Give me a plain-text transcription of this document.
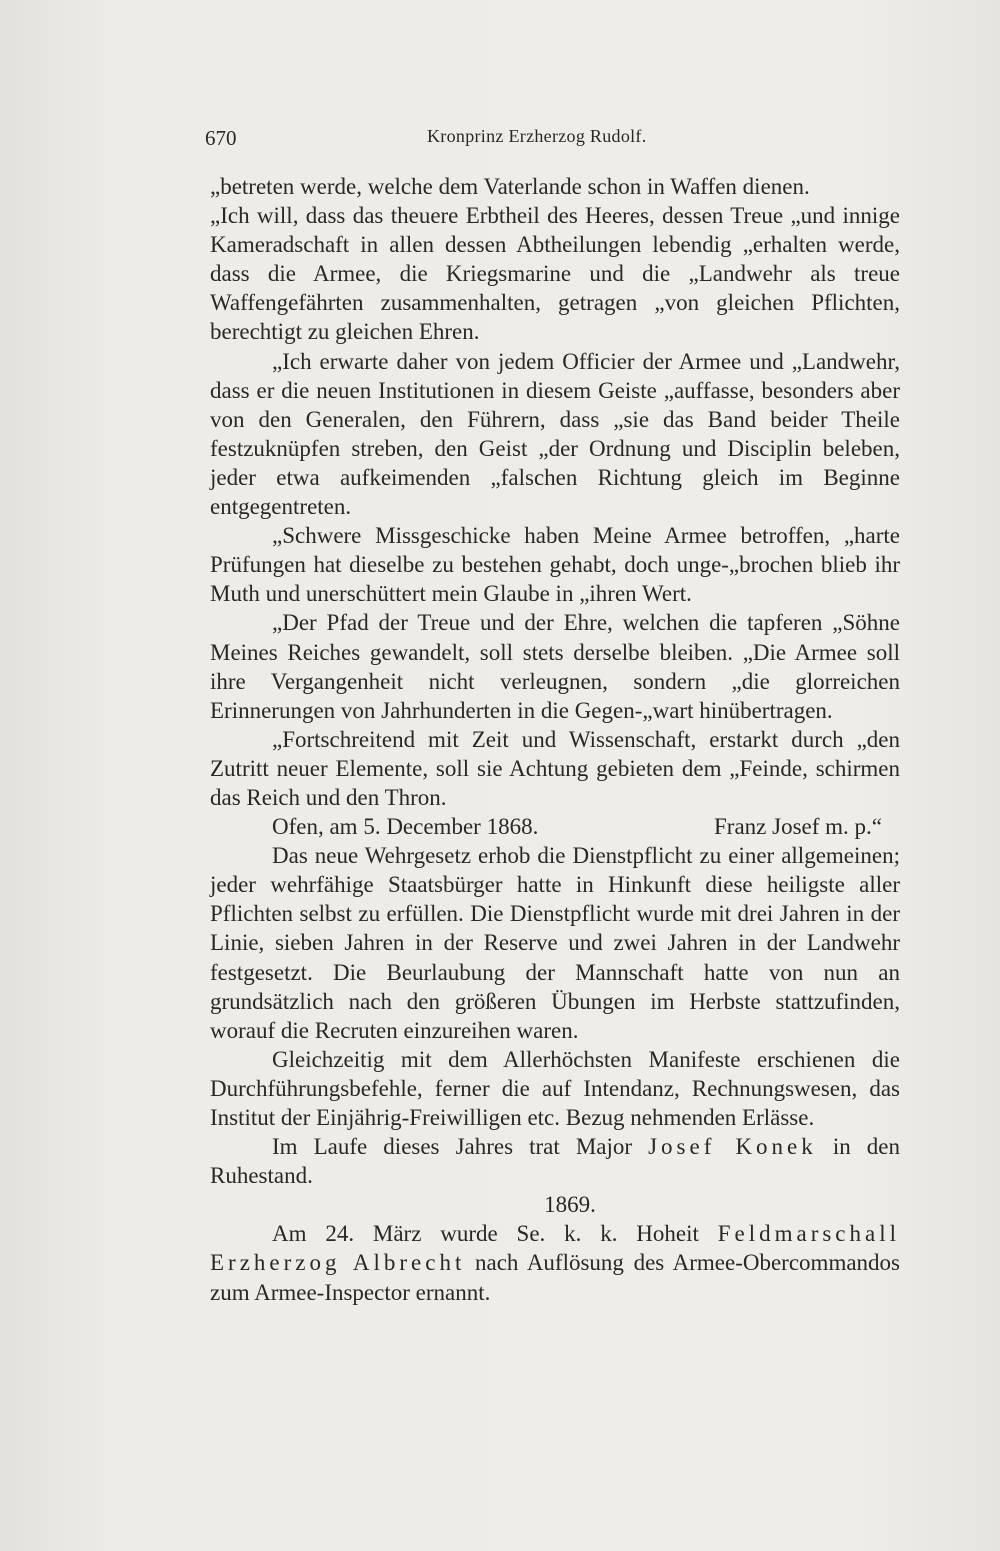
670	Kronprinz Erzherzog Rudolf.

„betreten werde, welche dem Vaterlande schon in Waffen dienen.

„Ich will, dass das theuere Erbtheil des Heeres, dessen Treue „und innige Kameradschaft in allen dessen Abtheilungen lebendig „erhalten werde, dass die Armee, die Kriegsmarine und die „Landwehr als treue Waffengefährten zusammenhalten, getragen „von gleichen Pflichten, berechtigt zu gleichen Ehren.

„Ich erwarte daher von jedem Officier der Armee und „Landwehr, dass er die neuen Institutionen in diesem Geiste „auffasse, besonders aber von den Generalen, den Führern, dass „sie das Band beider Theile festzuknüpfen streben, den Geist „der Ordnung und Disciplin beleben, jeder etwa aufkeimenden „falschen Richtung gleich im Beginne entgegentreten.

„Schwere Missgeschicke haben Meine Armee betroffen, „harte Prüfungen hat dieselbe zu bestehen gehabt, doch unge-„brochen blieb ihr Muth und unerschüttert mein Glaube in „ihren Wert.

„Der Pfad der Treue und der Ehre, welchen die tapferen „Söhne Meines Reiches gewandelt, soll stets derselbe bleiben. „Die Armee soll ihre Vergangenheit nicht verleugnen, sondern „die glorreichen Erinnerungen von Jahrhunderten in die Gegen-„wart hinübertragen.

„Fortschreitend mit Zeit und Wissenschaft, erstarkt durch „den Zutritt neuer Elemente, soll sie Achtung gebieten dem „Feinde, schirmen das Reich und den Thron.

Ofen, am 5. December 1868.	Franz Josef m. p.“

Das neue Wehrgesetz erhob die Dienstpflicht zu einer allgemeinen; jeder wehrfähige Staatsbürger hatte in Hinkunft diese heiligste aller Pflichten selbst zu erfüllen. Die Dienstpflicht wurde mit drei Jahren in der Linie, sieben Jahren in der Reserve und zwei Jahren in der Landwehr festgesetzt. Die Beurlaubung der Mannschaft hatte von nun an grundsätzlich nach den größeren Übungen im Herbste stattzufinden, worauf die Recruten einzureihen waren.

Gleichzeitig mit dem Allerhöchsten Manifeste erschienen die Durchführungsbefehle, ferner die auf Intendanz, Rechnungswesen, das Institut der Einjährig-Freiwilligen etc. Bezug nehmenden Erlässe.

Im Laufe dieses Jahres trat Major Josef Konek in den Ruhestand.

1869.

Am 24. März wurde Se. k. k. Hoheit Feldmarschall Erzherzog Albrecht nach Auflösung des Armee-Obercommandos zum Armee-Inspector ernannt.
